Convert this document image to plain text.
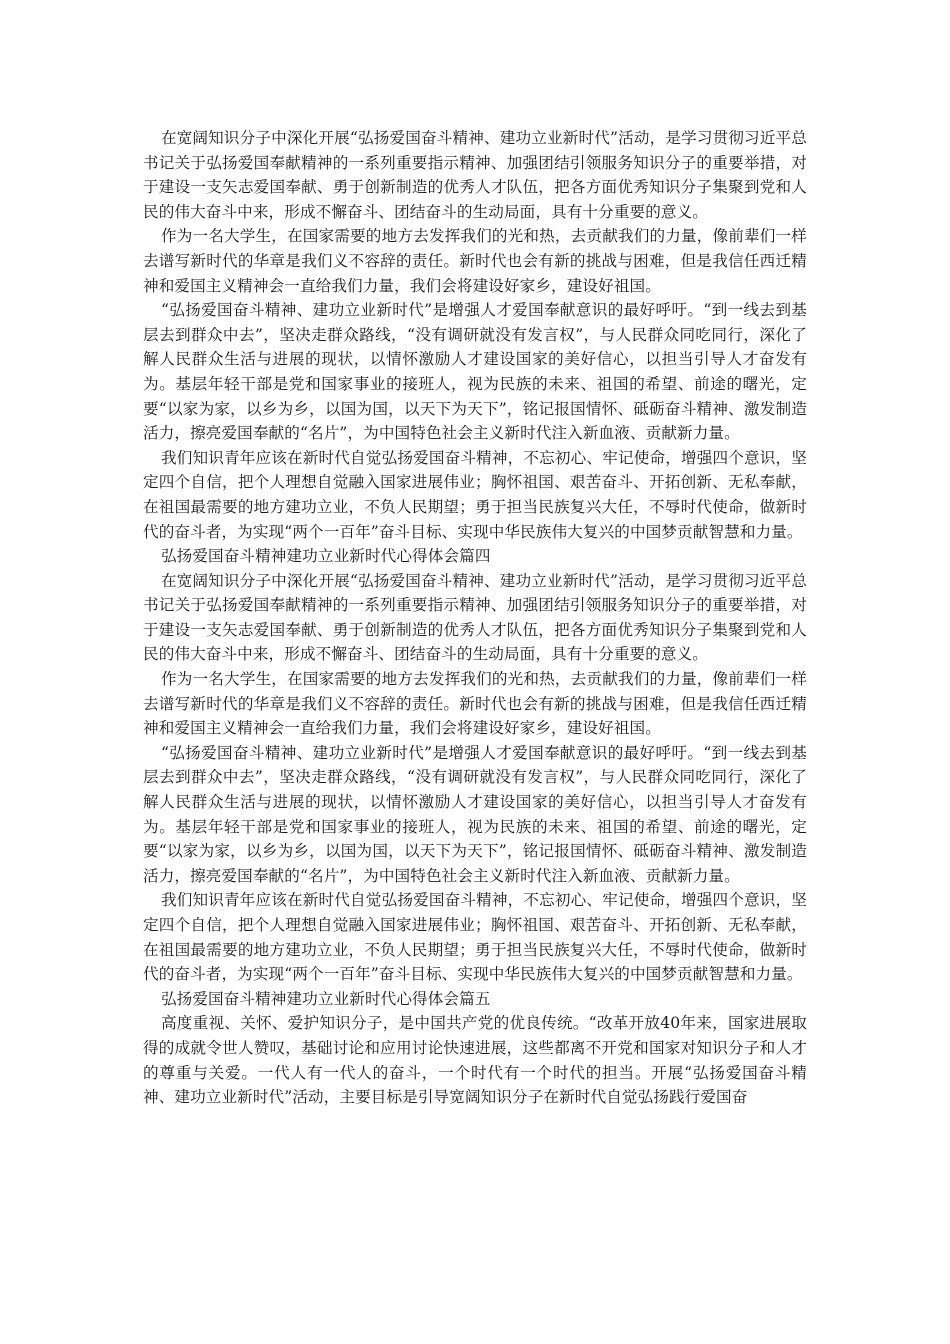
在宽阔知识分子中深化开展“弘扬爱国奋斗精神、建功立业新时代”活动，是学习贯彻习近平总书记关于弘扬爱国奉献精神的一系列重要指示精神、加强团结引领服务知识分子的重要举措，对于建设一支矢志爱国奉献、勇于创新制造的优秀人才队伍，把各方面优秀知识分子集聚到党和人民的伟大奋斗中来，形成不懈奋斗、团结奋斗的生动局面，具有十分重要的意义。

作为一名大学生，在国家需要的地方去发挥我们的光和热，去贡献我们的力量，像前辈们一样去谱写新时代的华章是我们义不容辞的责任。新时代也会有新的挑战与困难，但是我信任西迁精神和爱国主义精神会一直给我们力量，我们会将建设好家乡，建设好祖国。

“弘扬爱国奋斗精神、建功立业新时代”是增强人才爱国奉献意识的最好呼吁。“到一线去到基层去到群众中去”，坚决走群众路线，“没有调研就没有发言权”，与人民群众同吃同行，深化了解人民群众生活与进展的现状，以情怀激励人才建设国家的美好信心，以担当引导人才奋发有为。基层年轻干部是党和国家事业的接班人，视为民族的未来、祖国的希望、前途的曙光，定要“以家为家，以乡为乡，以国为国，以天下为天下”，铭记报国情怀、砥砺奋斗精神、激发制造活力，擦亮爱国奉献的“名片”，为中国特色社会主义新时代注入新血液、贡献新力量。

我们知识青年应该在新时代自觉弘扬爱国奋斗精神，不忘初心、牢记使命，增强四个意识，坚定四个自信，把个人理想自觉融入国家进展伟业；胸怀祖国、艰苦奋斗、开拓创新、无私奉献，在祖国最需要的地方建功立业，不负人民期望；勇于担当民族复兴大任，不辱时代使命，做新时代的奋斗者，为实现“两个一百年”奋斗目标、实现中华民族伟大复兴的中国梦贡献智慧和力量。

弘扬爱国奋斗精神建功立业新时代心得体会篇四

在宽阔知识分子中深化开展“弘扬爱国奋斗精神、建功立业新时代”活动，是学习贯彻习近平总书记关于弘扬爱国奉献精神的一系列重要指示精神、加强团结引领服务知识分子的重要举措，对于建设一支矢志爱国奉献、勇于创新制造的优秀人才队伍，把各方面优秀知识分子集聚到党和人民的伟大奋斗中来，形成不懈奋斗、团结奋斗的生动局面，具有十分重要的意义。

作为一名大学生，在国家需要的地方去发挥我们的光和热，去贡献我们的力量，像前辈们一样去谱写新时代的华章是我们义不容辞的责任。新时代也会有新的挑战与困难，但是我信任西迁精神和爱国主义精神会一直给我们力量，我们会将建设好家乡，建设好祖国。

“弘扬爱国奋斗精神、建功立业新时代”是增强人才爱国奉献意识的最好呼吁。“到一线去到基层去到群众中去”，坚决走群众路线，“没有调研就没有发言权”，与人民群众同吃同行，深化了解人民群众生活与进展的现状，以情怀激励人才建设国家的美好信心，以担当引导人才奋发有为。基层年轻干部是党和国家事业的接班人，视为民族的未来、祖国的希望、前途的曙光，定要“以家为家，以乡为乡，以国为国，以天下为天下”，铭记报国情怀、砥砺奋斗精神、激发制造活力，擦亮爱国奉献的“名片”，为中国特色社会主义新时代注入新血液、贡献新力量。

我们知识青年应该在新时代自觉弘扬爱国奋斗精神，不忘初心、牢记使命，增强四个意识，坚定四个自信，把个人理想自觉融入国家进展伟业；胸怀祖国、艰苦奋斗、开拓创新、无私奉献，在祖国最需要的地方建功立业，不负人民期望；勇于担当民族复兴大任，不辱时代使命，做新时代的奋斗者，为实现“两个一百年”奋斗目标、实现中华民族伟大复兴的中国梦贡献智慧和力量。

弘扬爱国奋斗精神建功立业新时代心得体会篇五

高度重视、关怀、爱护知识分子，是中国共产党的优良传统。“改革开放40年来，国家进展取得的成就令世人赞叹，基础讨论和应用讨论快速进展，这些都离不开党和国家对知识分子和人才的尊重与关爱。一代人有一代人的奋斗，一个时代有一个时代的担当。开展“弘扬爱国奋斗精神、建功立业新时代”活动，主要目标是引导宽阔知识分子在新时代自觉弘扬践行爱国奋
